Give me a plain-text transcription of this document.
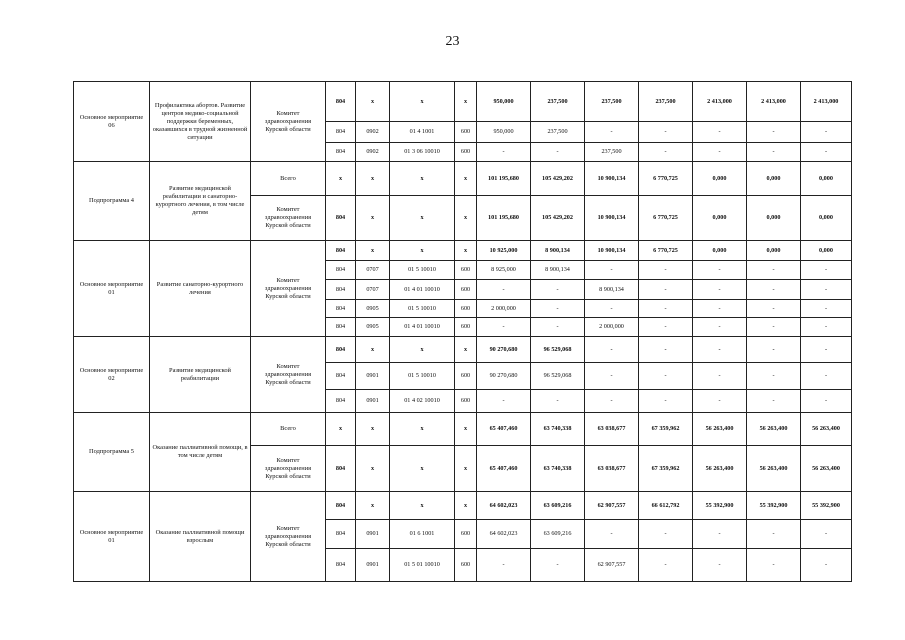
23
Основное мероприятие 06	Профилактика абортов. Развитие центров медико-социальной поддержки беременных, оказавшихся в трудной жизненной ситуации	Комитет здравоохранения Курской области	804	x	x	x	950,000	237,500	237,500	237,500	2 413,000	2 413,000	2 413,000
			804	0902	01 4 1001	600	950,000	237,500	-	-	-	-	-
			804	0902	01 3 06 10010	600	-	-	237,500	-	-	-	-
Подпрограмма 4	Развитие медицинской реабилитации и санаторно-курортного лечения, в том числе детям	Всего	x	x	x	x	101 195,680	105 429,202	10 900,134	6 770,725	0,000	0,000	0,000
		Комитет здравоохранения Курской области	804	x	x	x	101 195,680	105 429,202	10 900,134	6 770,725	0,000	0,000	0,000
Основное мероприятие 01	Развитие санаторно-курортного лечения	Комитет здравоохранения Курской области	804	x	x	x	10 925,000	8 900,134	10 900,134	6 770,725	0,000	0,000	0,000
			804	0707	01 5 10010	600	8 925,000	8 900,134	-	-	-	-	-
			804	0707	01 4 01 10010	600	-	-	8 900,134	-	-	-	-
			804	0905	01 5 10010	600	2 000,000	-	-	-	-	-	-
			804	0905	01 4 01 10010	600	-	-	2 000,000	-	-	-	-
Основное мероприятие 02	Развитие медицинской реабилитации	Комитет здравоохранения Курской области	804	x	x	x	90 270,680	96 529,068	-	-	-	-	-
			804	0901	01 5 10010	600	90 270,680	96 529,068	-	-	-	-	-
			804	0901	01 4 02 10010	600	-	-	-	-	-	-	-
Подпрограмма 5	Оказание паллиативной помощи, в том числе детям	Всего	x	x	x	x	65 407,460	63 740,338	63 038,677	67 359,962	56 263,400	56 263,400	56 263,400
		Комитет здравоохранения Курской области	804	x	x	x	65 407,460	63 740,338	63 038,677	67 359,962	56 263,400	56 263,400	56 263,400
Основное мероприятие 01	Оказание паллиативной помощи взрослым	Комитет здравоохранения Курской области	804	x	x	x	64 602,023	63 609,216	62 907,557	66 612,792	55 392,900	55 392,900	55 392,900
			804	0901	01 6 1001	600	64 602,023	63 609,216	-	-	-	-	-
			804	0901	01 5 01 10010	600	-	-	62 907,557	-	-	-	-
